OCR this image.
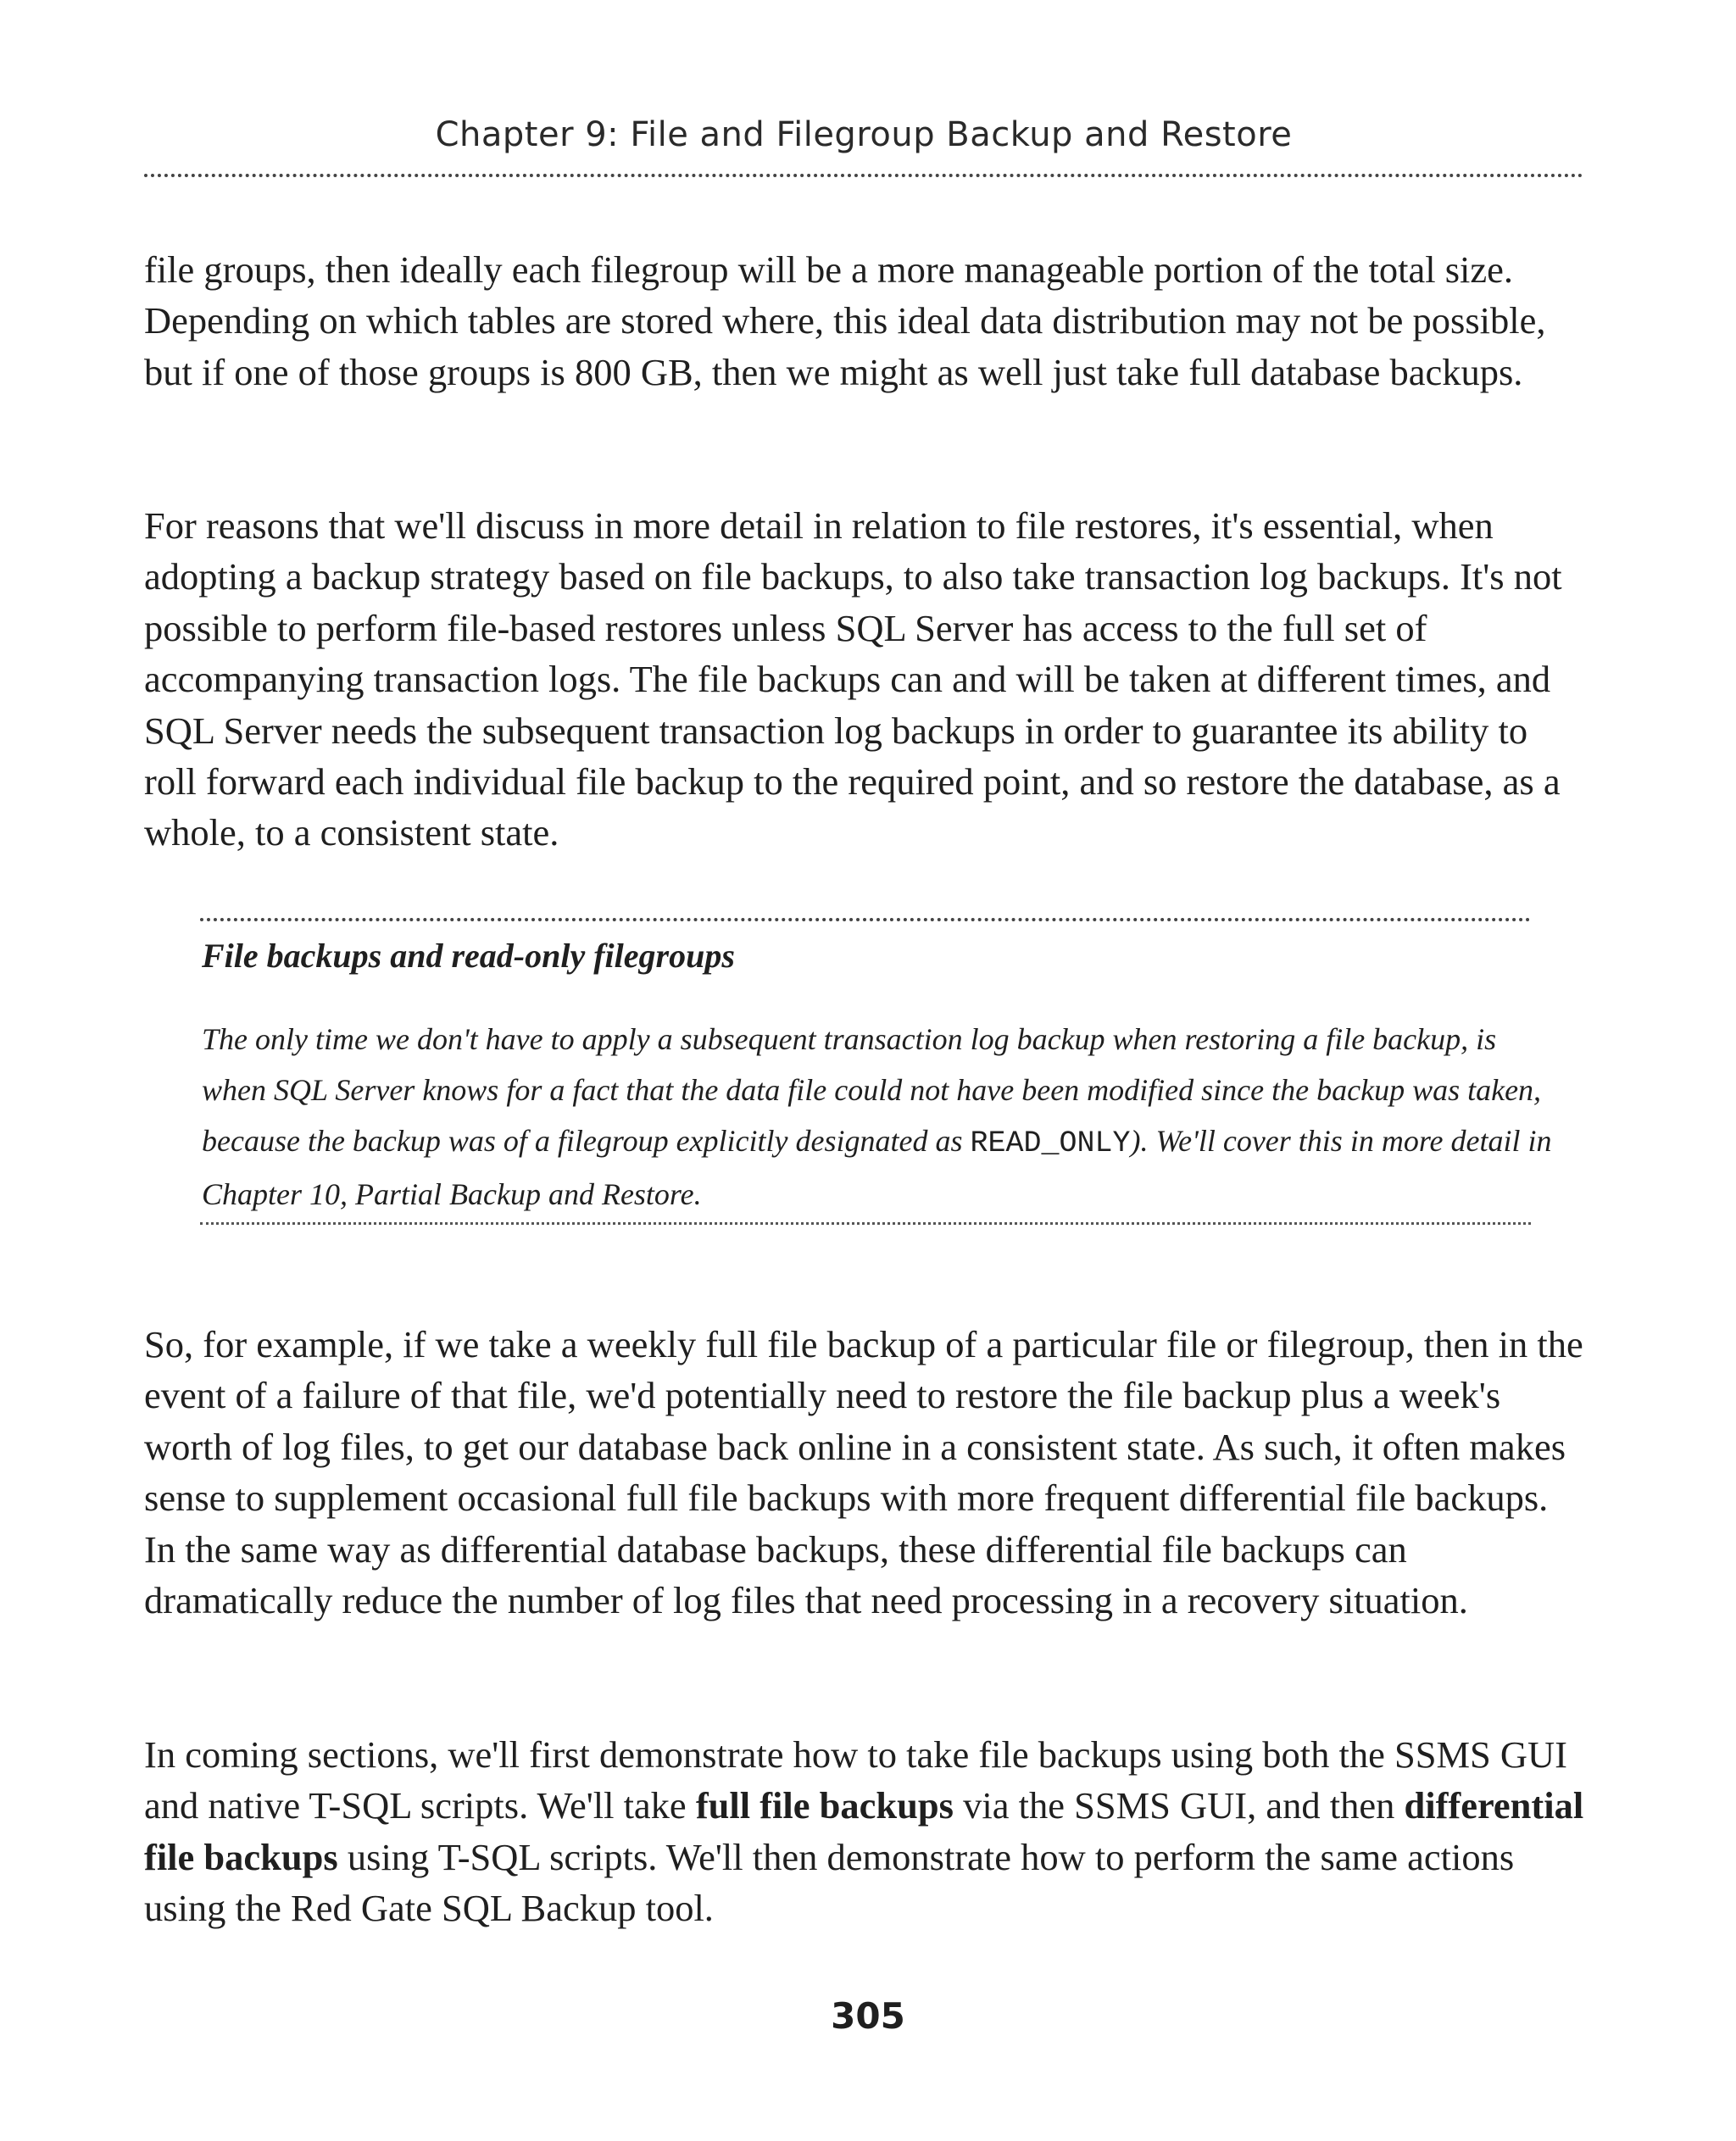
Chapter 9: File and Filegroup Backup and Restore

file groups, then ideally each filegroup will be a more manageable portion of the total size. Depending on which tables are stored where, this ideal data distribution may not be possible, but if one of those groups is 800 GB, then we might as well just take full database backups.

For reasons that we'll discuss in more detail in relation to file restores, it's essential, when adopting a backup strategy based on file backups, to also take transaction log backups. It's not possible to perform file-based restores unless SQL Server has access to the full set of accompanying transaction logs. The file backups can and will be taken at different times, and SQL Server needs the subsequent transaction log backups in order to guarantee its ability to roll forward each individual file backup to the required point, and so restore the database, as a whole, to a consistent state.

File backups and read-only filegroups

The only time we don't have to apply a subsequent transaction log backup when restoring a file backup, is when SQL Server knows for a fact that the data file could not have been modified since the backup was taken, because the backup was of a filegroup explicitly designated as READ_ONLY). We'll cover this in more detail in Chapter 10, Partial Backup and Restore.

So, for example, if we take a weekly full file backup of a particular file or filegroup, then in the event of a failure of that file, we'd potentially need to restore the file backup plus a week's worth of log files, to get our database back online in a consistent state. As such, it often makes sense to supplement occasional full file backups with more frequent differential file backups. In the same way as differential database backups, these differential file backups can dramatically reduce the number of log files that need processing in a recovery situation.

In coming sections, we'll first demonstrate how to take file backups using both the SSMS GUI and native T-SQL scripts. We'll take full file backups via the SSMS GUI, and then differential file backups using T-SQL scripts. We'll then demonstrate how to perform the same actions using the Red Gate SQL Backup tool.

305
